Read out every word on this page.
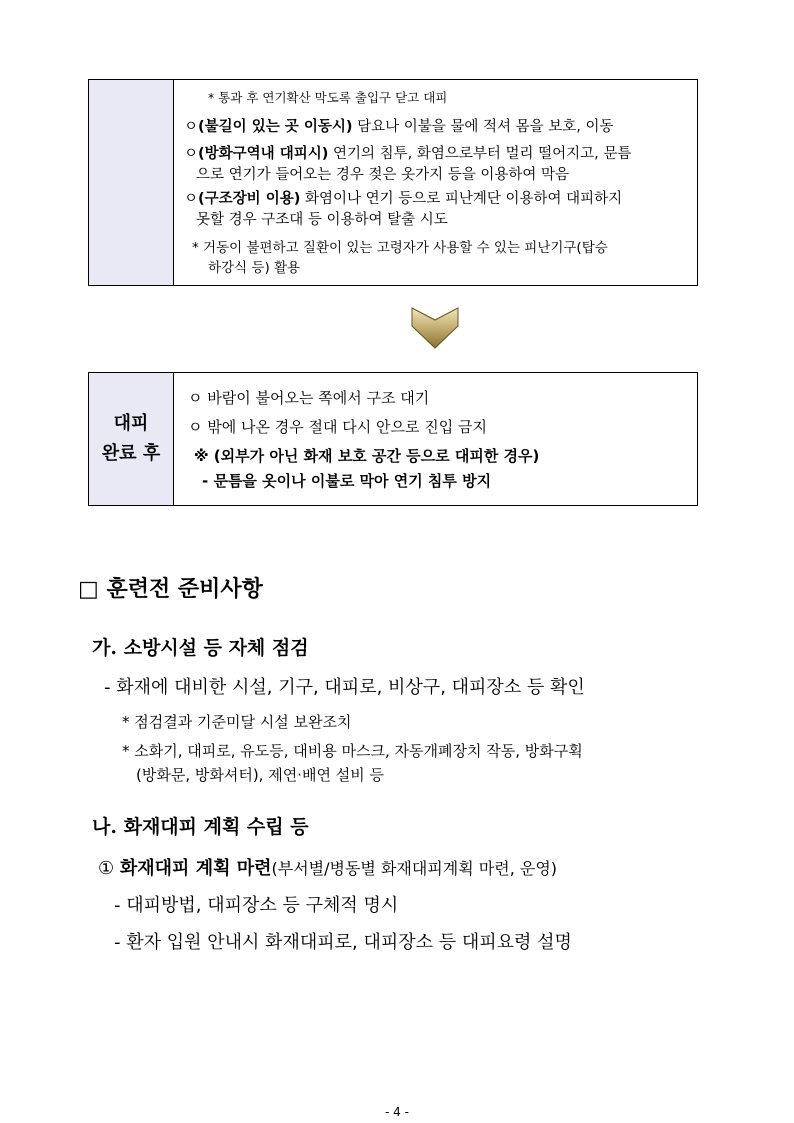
* 통과 후 연기확산 막도록 출입구 닫고 대피
ㅇ(불길이 있는 곳 이동시) 담요나 이불을 물에 적셔 몸을 보호, 이동
ㅇ(방화구역내 대피시) 연기의 침투, 화염으로부터 멀리 떨어지고, 문틈
으로 연기가 들어오는 경우 젖은 옷가지 등을 이용하여 막음
ㅇ(구조장비 이용) 화염이나 연기 등으로 피난계단 이용하여 대피하지
못할 경우 구조대 등 이용하여 탈출 시도
* 거동이 불편하고 질환이 있는 고령자가 사용할 수 있는 피난기구(탑승
하강식 등) 활용
대피
완료 후
ㅇ 바람이 불어오는 쪽에서 구조 대기
ㅇ 밖에 나온 경우 절대 다시 안으로 진입 금지
※ (외부가 아닌 화재 보호 공간 등으로 대피한 경우)
- 문틈을 옷이나 이불로 막아 연기 침투 방지
□ 훈련전 준비사항
가. 소방시설 등 자체 점검
- 화재에 대비한 시설, 기구, 대피로, 비상구, 대피장소 등 확인
* 점검결과 기준미달 시설 보완조치
* 소화기, 대피로, 유도등, 대비용 마스크, 자동개폐장치 작동, 방화구획
(방화문, 방화셔터), 제연·배연 설비 등
나. 화재대피 계획 수립 등
① 화재대피 계획 마련(부서별/병동별 화재대피계획 마련, 운영)
- 대피방법, 대피장소 등 구체적 명시
- 환자 입원 안내시 화재대피로, 대피장소 등 대피요령 설명
- 4 -
